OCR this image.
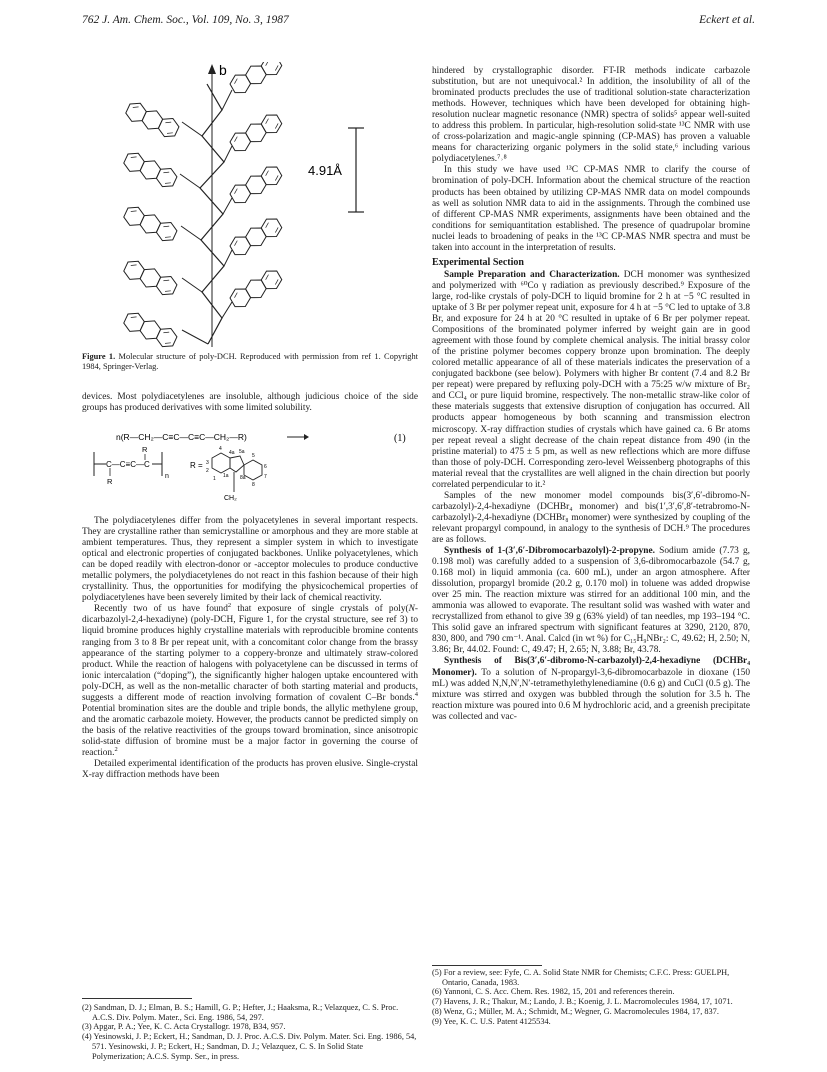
762 J. Am. Chem. Soc., Vol. 109, No. 3, 1987	Eckert et al.
b
4.91Å
Figure 1. Molecular structure of poly-DCH. Reproduced with permission from ref 1. Copyright 1984, Springer-Verlag.

devices. Most polydiacetylenes are insoluble, although judicious choice of the side groups has produced derivatives with some limited solubility.

n(R—CH₂—C≡C—C≡C—CH₂—R)	(1)
C—C≡C—C
R
R
n
R =
CH₂
4
5
3
6
7
2
1
8
4a 5a
1a 8a

The polydiacetylenes differ from the polyacetylenes in several important respects. They are crystalline rather than semicrystalline or amorphous and they are more stable at ambient temperatures. Thus, they represent a simpler system in which to investigate optical and electronic properties of conjugated backbones. Unlike polyacetylenes, which can be doped readily with electron-donor or -acceptor molecules to produce conductive metallic polymers, the polydiacetylenes do not react in this fashion because of their high crystallinity. Thus, the opportunities for modifying the physicochemical properties of polydiacetylenes have been severely limited by their lack of chemical reactivity.

Recently two of us have found$^2$ that exposure of single crystals of poly(N-dicarbazolyl-2,4-hexadiyne) (poly-DCH, Figure 1, for the crystal structure, see ref 3) to liquid bromine produces highly crystalline materials with reproducible bromine contents ranging from 3 to 8 Br per repeat unit, with a concomitant color change from the brassy appearance of the starting polymer to a coppery-bronze and ultimately straw-colored product. While the reaction of halogens with polyacetylene can be discussed in terms of ionic intercalation (“doping”), the significantly higher halogen uptake encountered with poly-DCH, as well as the non-metallic character of both starting material and products, suggests a different mode of reaction involving formation of covalent C–Br bonds.$^4$ Potential bromination sites are the double and triple bonds, the allylic methylene group, and the aromatic carbazole moiety. However, the products cannot be predicted simply on the basis of the relative reactivities of the groups toward bromination, since anisotropic solid-state diffusion of bromine must be a major factor in governing the course of reaction.$^2$

Detailed experimental identification of the products has proven elusive. Single-crystal X-ray diffraction methods have been

(2) Sandman, D. J.; Elman, B. S.; Hamill, G. P.; Hefter, J.; Haaksma, R.; Velazquez, C. S. Proc. A.C.S. Div. Polym. Mater., Sci. Eng. 1986, 54, 297.

(3) Apgar, P. A.; Yee, K. C. Acta Crystallogr. 1978, B34, 957.

(4) Yesinowski, J. P.; Eckert, H.; Sandman, D. J. Proc. A.C.S. Div. Polym. Mater. Sci. Eng. 1986, 54, 571. Yesinowski, J. P.; Eckert, H.; Sandman, D. J.; Velazquez, C. S. In Solid State Polymerization; A.C.S. Symp. Ser., in press.

hindered by crystallographic disorder. FT-IR methods indicate carbazole substitution, but are not unequivocal.² In addition, the insolubility of all of the brominated products precludes the use of traditional solution-state characterization methods. However, techniques which have been developed for obtaining high-resolution nuclear magnetic resonance (NMR) spectra of solids⁵ appear well-suited to address this problem. In particular, high-resolution solid-state ¹³C NMR with use of cross-polarization and magic-angle spinning (CP-MAS) has proven a valuable means for characterizing organic polymers in the solid state,⁶ including various polydiacetylenes.⁷˒⁸

In this study we have used ¹³C CP-MAS NMR to clarify the course of bromination of poly-DCH. Information about the chemical structure of the reaction products has been obtained by utilizing CP-MAS NMR data on model compounds as well as solution NMR data to aid in the assignments. Through the combined use of different CP-MAS NMR experiments, assignments have been obtained and the conditions for semiquantitation established. The presence of quadrupolar bromine nuclei leads to broadening of peaks in the ¹³C CP-MAS NMR spectra and must be taken into account in the interpretation of results.

Experimental Section

Sample Preparation and Characterization. DCH monomer was synthesized and polymerized with ⁶⁰Co γ radiation as previously described.⁹ Exposure of the large, rod-like crystals of poly-DCH to liquid bromine for 2 h at −5 °C resulted in uptake of 3 Br per polymer repeat unit, exposure for 4 h at −5 °C led to uptake of 3.8 Br, and exposure for 24 h at 20 °C resulted in uptake of 6 Br per polymer repeat. Compositions of the brominated polymer inferred by weight gain are in good agreement with those found by complete chemical analysis. The initial brassy color of the pristine polymer becomes coppery bronze upon bromination. The deeply colored metallic appearance of all of these materials indicates the preservation of a conjugated backbone (see below). Polymers with higher Br content (7.4 and 8.2 Br per repeat) were prepared by refluxing poly-DCH with a 75:25 w/w mixture of Br₂ and CCl₄ or pure liquid bromine, respectively. The non-metallic straw-like color of these materials suggests that extensive disruption of conjugation has occurred. All products appear homogeneous by both scanning and transmission electron microscopy. X-ray diffraction studies of crystals which have gained ca. 6 Br atoms per repeat reveal a slight decrease of the chain repeat distance from 490 (in the pristine material) to 475 ± 5 pm, as well as new reflections which are more diffuse than those of poly-DCH. Corresponding zero-level Weissenberg photographs of this material reveal that the crystallites are well aligned in the chain direction but poorly correlated perpendicular to it.²

Samples of the new monomer model compounds bis(3′,6′-dibromo-N-carbazolyl)-2,4-hexadiyne (DCHBr₄ monomer) and bis(1′,3′,6′,8′-tetrabromo-N-carbazolyl)-2,4-hexadiyne (DCHBr₈ monomer) were synthesized by coupling of the relevant propargyl compound, in analogy to the synthesis of DCH.⁹ The procedures are as follows.

Synthesis of 1-(3′,6′-Dibromocarbazolyl)-2-propyne. Sodium amide (7.73 g, 0.198 mol) was carefully added to a suspension of 3,6-dibromocarbazole (54.7 g, 0.168 mol) in liquid ammonia (ca. 600 mL), under an argon atmosphere. After dissolution, propargyl bromide (20.2 g, 0.170 mol) in toluene was added dropwise over 25 min. The reaction mixture was stirred for an additional 100 min, and the ammonia was allowed to evaporate. The resultant solid was washed with water and recrystallized from ethanol to give 39 g (63% yield) of tan needles, mp 193–194 °C. This solid gave an infrared spectrum with significant features at 3290, 2120, 870, 830, 800, and 790 cm⁻¹. Anal. Calcd (in wt %) for C₁₅H₉NBr₂: C, 49.62; H, 2.50; N, 3.86; Br, 44.02. Found: C, 49.47; H, 2.65; N, 3.88; Br, 43.78.

Synthesis of Bis(3′,6′-dibromo-N-carbazolyl)-2,4-hexadiyne (DCHBr₄ Monomer). To a solution of N-propargyl-3,6-dibromocarbazole in dioxane (150 mL) was added N,N,N′,N′-tetramethylethylenediamine (0.6 g) and CuCl (0.5 g). The mixture was stirred and oxygen was bubbled through the solution for 3.5 h. The reaction mixture was poured into 0.6 M hydrochloric acid, and a greenish precipitate was collected and vac-

(5) For a review, see: Fyfe, C. A. Solid State NMR for Chemists; C.F.C. Press: GUELPH, Ontario, Canada, 1983.

(6) Yannoni, C. S. Acc. Chem. Res. 1982, 15, 201 and references therein.

(7) Havens, J. R.; Thakur, M.; Lando, J. B.; Koenig, J. L. Macromolecules 1984, 17, 1071.

(8) Wenz, G.; Müller, M. A.; Schmidt, M.; Wegner, G. Macromolecules 1984, 17, 837.

(9) Yee, K. C. U.S. Patent 4125534.
